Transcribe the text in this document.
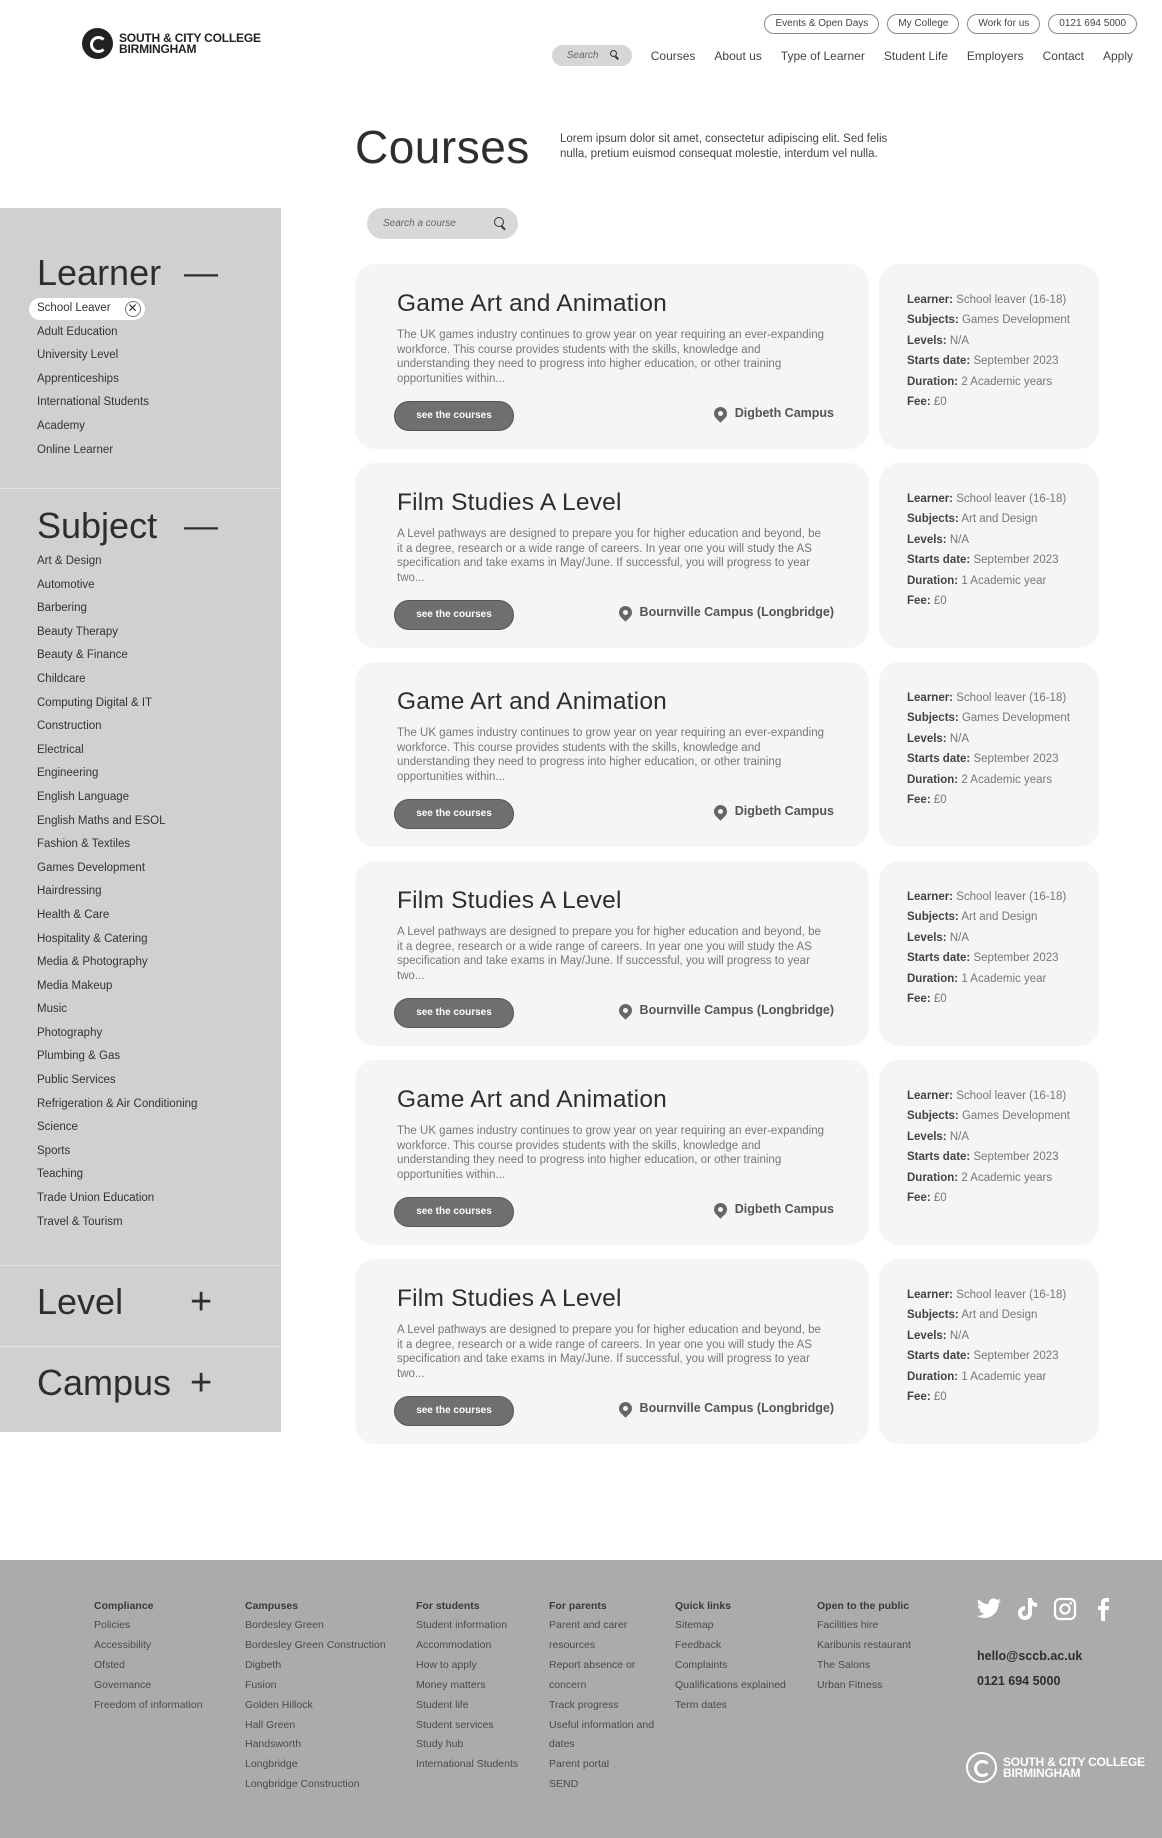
SOUTH & CITY COLLEGE
BIRMINGHAM
Events & Open Days	My College	Work for us	0121 694 5000
Search	Courses About us Type of Learner Student Life Employers Contact Apply
Courses	Lorem ipsum dolor sit amet, consectetur adipiscing elit. Sed felis nulla, pretium euismod consequat molestie, interdum vel nulla.

Learner —
School Leaver ✕
Adult Education
University Level
Apprenticeships
International Students
Academy
Online Learner
Subject —
Art & Design
Automotive
Barbering
Beauty Therapy
Beauty & Finance
Childcare
Computing Digital & IT
Construction
Electrical
Engineering
English Language
English Maths and ESOL
Fashion & Textiles
Games Development
Hairdressing
Health & Care
Hospitality & Catering
Media & Photography
Media Makeup
Music
Photography
Plumbing & Gas
Public Services
Refrigeration & Air Conditioning
Science
Sports
Teaching
Trade Union Education
Travel & Tourism
Level	+
Campus +
Search a course
Game Art and Animation
The UK games industry continues to grow year on year requiring an ever-expanding workforce. This course provides students with the skills, knowledge and understanding they need to progress into higher education, or other training opportunities within...
see the courses	Digbeth Campus
Learner: School leaver (16-18)
Subjects: Games Development
Levels: N/A
Starts date: September 2023
Duration: 2 Academic years
Fee: £0
Film Studies A Level
A Level pathways are designed to prepare you for higher education and beyond, be it a degree, research or a wide range of careers. In year one you will study the AS specification and take exams in May/June. If successful, you will progress to year two...
see the courses	Bournville Campus (Longbridge)
Learner: School leaver (16-18)
Subjects: Art and Design
Levels: N/A
Starts date: September 2023
Duration: 1 Academic year
Fee: £0
Game Art and Animation
The UK games industry continues to grow year on year requiring an ever-expanding workforce. This course provides students with the skills, knowledge and understanding they need to progress into higher education, or other training opportunities within...
see the courses	Digbeth Campus
Learner: School leaver (16-18)
Subjects: Games Development
Levels: N/A
Starts date: September 2023
Duration: 2 Academic years
Fee: £0
Film Studies A Level
A Level pathways are designed to prepare you for higher education and beyond, be it a degree, research or a wide range of careers. In year one you will study the AS specification and take exams in May/June. If successful, you will progress to year two...
see the courses	Bournville Campus (Longbridge)
Learner: School leaver (16-18)
Subjects: Art and Design
Levels: N/A
Starts date: September 2023
Duration: 1 Academic year
Fee: £0
Game Art and Animation
The UK games industry continues to grow year on year requiring an ever-expanding workforce. This course provides students with the skills, knowledge and understanding they need to progress into higher education, or other training opportunities within...
see the courses	Digbeth Campus
Learner: School leaver (16-18)
Subjects: Games Development
Levels: N/A
Starts date: September 2023
Duration: 2 Academic years
Fee: £0
Film Studies A Level
A Level pathways are designed to prepare you for higher education and beyond, be it a degree, research or a wide range of careers. In year one you will study the AS specification and take exams in May/June. If successful, you will progress to year two...
see the courses	Bournville Campus (Longbridge)
Learner: School leaver (16-18)
Subjects: Art and Design
Levels: N/A
Starts date: September 2023
Duration: 1 Academic year
Fee: £0
Compliance
Policies
Accessibility
Ofsted
Governance
Freedom of information
Campuses
Bordesley Green
Bordesley Green Construction
Digbeth
Fusion
Golden Hillock
Hall Green
Handsworth
Longbridge
Longbridge Construction
For students
Student information
Accommodation
How to apply
Money matters
Student life
Student services
Study hub
International Students
For parents
Parent and carer
resources
Report absence or
concern
Track progress
Useful information and
dates
Parent portal
SEND
Quick links
Sitemap
Feedback
Complaints
Qualifications explained
Term dates
Open to the public
Facilities hire
Karibunis restaurant
The Salons
Urban Fitness
hello@sccb.ac.uk
0121 694 5000
SOUTH & CITY COLLEGE
BIRMINGHAM
